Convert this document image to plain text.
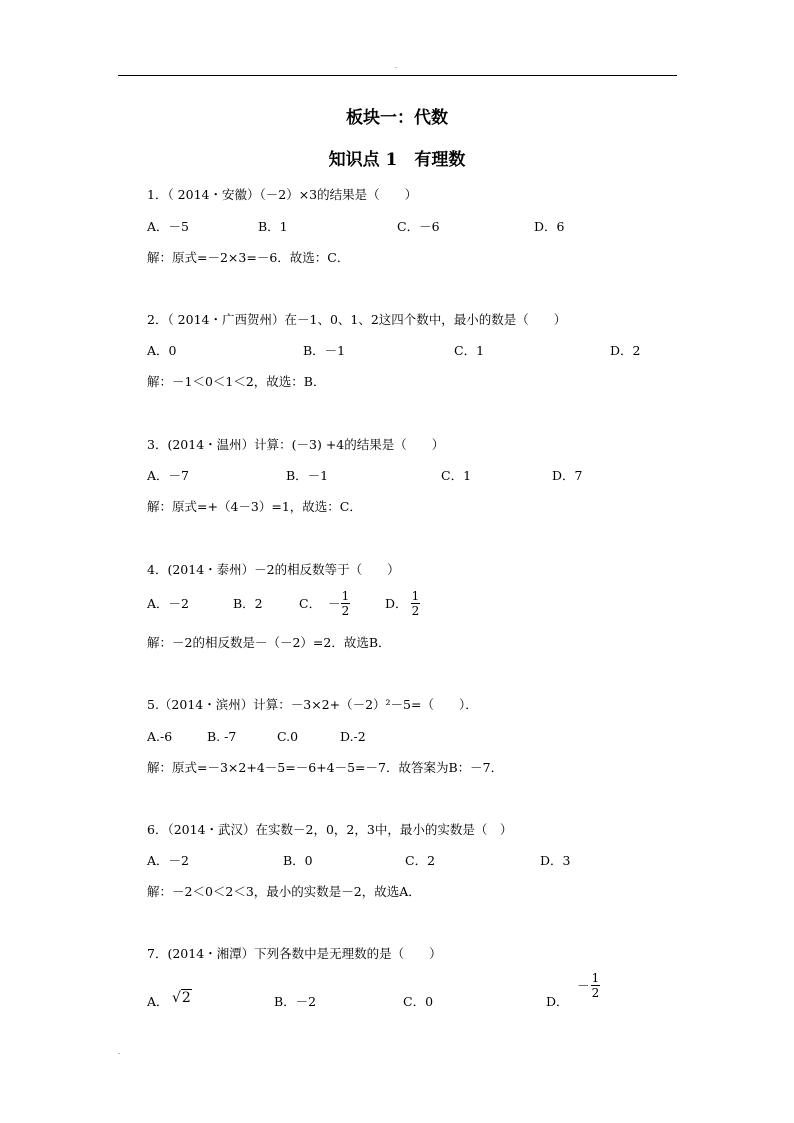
.
板块一：代数
知识点 1　有理数
1．（ 2014・安徽）（－2）×3的结果是（　　）
A．－5	B．1	C．－6	D．6
解：原式=－2×3=－6．故选：C．
2．（ 2014・广西贺州）在－1、0、1、2这四个数中，最小的数是（　　）
A．0	B．－1	C．1	D．2
解：－1＜0＜1＜2，故选：B．
3．(2014・温州）计算：(－3) +4的结果是（　　）
A．－7	B．－1	C．1	D．7
解：原式=+（4－3）=1，故选：C．
4．(2014・泰州）－2的相反数等于（　　）
A．－2	B．2	C． － 1
2	D． 1
2
解：－2的相反数是－（－2）=2．故选B．
5.（2014・滨州）计算：－3×2+（－2）²－5=（　　）．
A.-6	B. -7	C.0	D.-2
解：原式=－3×2+4－5=－6+4－5=－7．故答案为B：－7．
6．（2014・武汉）在实数－2，0，2，3中，最小的实数是（　）
A．－2	B．0	C．2	D．3
解：－2＜0＜2＜3，最小的实数是－2，故选A．
7．(2014・湘潭）下列各数中是无理数的是（　　）
A． √2	B．－2	C．0	D．
－ 1
2
.
